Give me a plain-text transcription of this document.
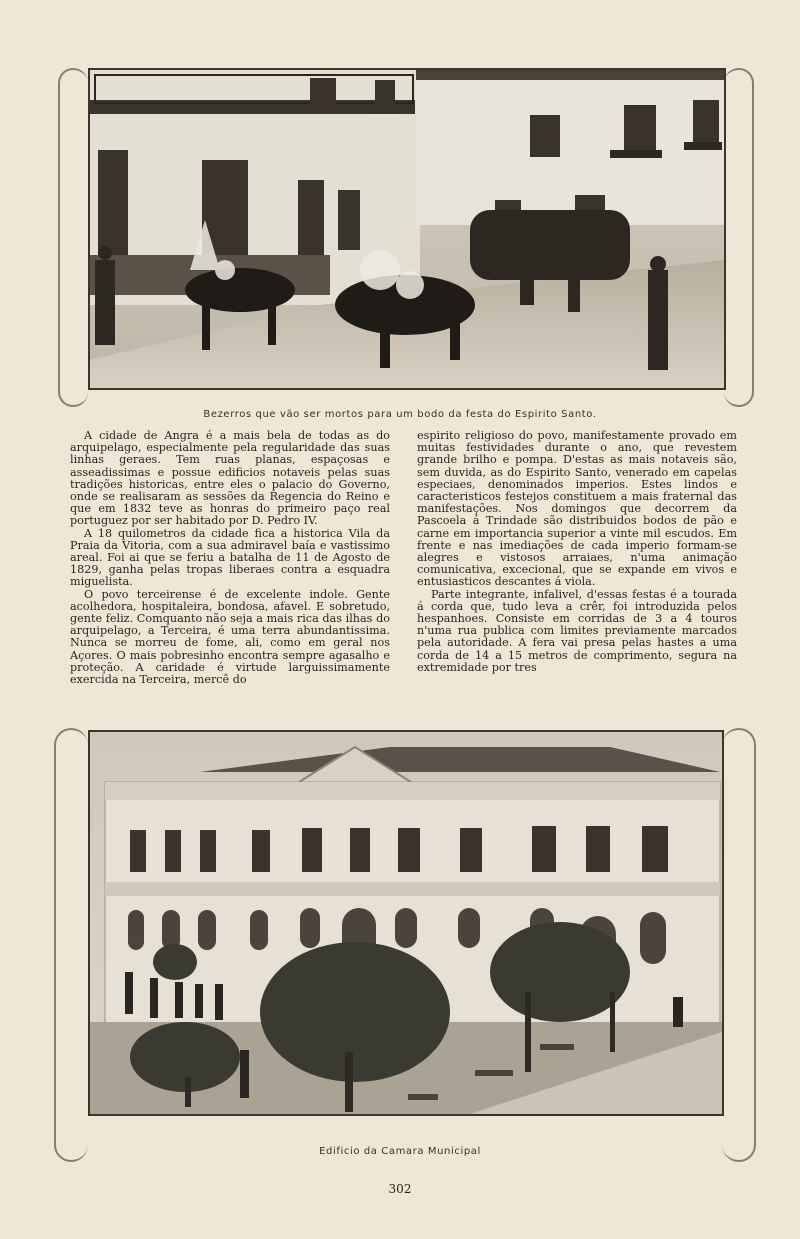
Bezerros que vão ser mortos para um bodo da festa do Espirito Santo.

A cidade de Angra é a mais bela de todas as do arquipelago, especialmente pela regularidade das suas linhas geraes. Tem ruas planas, espaçosas e asseadissimas e possue edificios notaveis pelas suas tradições historicas, entre eles o palacio do Governo, onde se realisaram as sessões da Regencia do Reino e que em 1832 teve as honras do primeiro paço real portuguez por ser habitado por D. Pedro IV.

A 18 quilometros da cidade fica a historica Vila da Praia da Vitoria, com a sua admiravel baía e vastissimo areal. Foi ai que se feriu a batalha de 11 de Agosto de 1829, ganha pelas tropas liberaes contra a esquadra miguelista.

O povo terceirense é de excelente indole. Gente acolhedora, hospitaleira, bondosa, afavel. E sobretudo, gente feliz. Comquanto não seja a mais rica das ilhas do arquipelago, a Terceira, é uma terra abundantissima. Nunca se morreu de fome, ali, como em geral nos Açores. O mais pobresinho encontra sempre agasalho e proteção. A caridade é virtude larguissimamente exercida na Terceira, mercê do

espirito religioso do povo, manifestamente provado em muitas festividades durante o ano, que revestem grande brilho e pompa. D'estas as mais notaveis são, sem duvida, as do Espirito Santo, venerado em capelas especiaes, denominados imperios. Estes lindos e caracteristicos festejos constituem a mais fraternal das manifestações. Nos domingos que decorrem da Pascoela á Trindade são distribuidos bodos de pão e carne em importancia superior a vinte mil escudos. Em frente e nas imediações de cada imperio formam-se alegres e vistosos arraiaes, n'uma animação comunicativa, excecional, que se expande em vivos e entusiasticos descantes á viola.

Parte integrante, infalivel, d'essas festas é a tourada á corda que, tudo leva a crêr, foi introduzida pelos hespanhoes. Consiste em corridas de 3 a 4 touros n'uma rua publica com limites previamente marcados pela autoridade. A fera vai presa pelas hastes a uma corda de 14 a 15 metros de comprimento, segura na extremidade por tres

Edificio da Camara Municipal
302
